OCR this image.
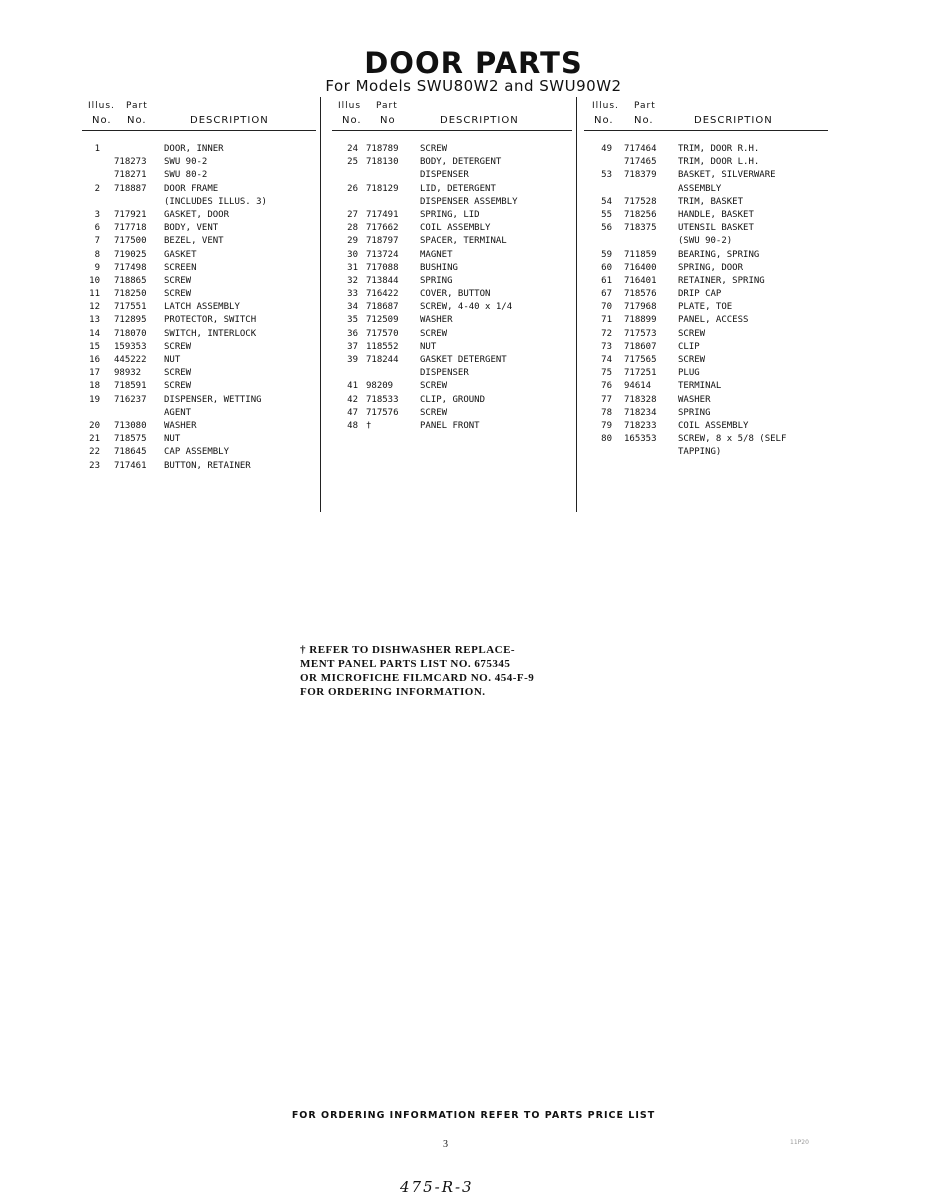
DOOR PARTS
For Models SWU80W2 and SWU90W2
Illus. Part
No. No.	DESCRIPTION
1	DOOR, INNER
718273 SWU 90-2
718271 SWU 80-2
2 718887 DOOR FRAME
(INCLUDES ILLUS. 3)
3 717921 GASKET, DOOR
6 717718 BODY, VENT
7 717500 BEZEL, VENT
8 719025 GASKET
9 717498 SCREEN
10 718865 SCREW
11 718250 SCREW
12 717551 LATCH ASSEMBLY
13 712895 PROTECTOR, SWITCH
14 718070 SWITCH, INTERLOCK
15 159353 SCREW
16 445222 NUT
17 98932	SCREW
18 718591 SCREW
19 716237 DISPENSER, WETTING
AGENT
20 713080 WASHER
21 718575 NUT
22 718645 CAP ASSEMBLY
23 717461 BUTTON, RETAINER
Illus Part
No. No	DESCRIPTION
24 718789 SCREW
25 718130 BODY, DETERGENT
DISPENSER
26 718129 LID, DETERGENT
DISPENSER ASSEMBLY
27 717491 SPRING, LID
28 717662 COIL ASSEMBLY
29 718797 SPACER, TERMINAL
30 713724 MAGNET
31 717088 BUSHING
32 713844 SPRING
33 716422 COVER, BUTTON
34 718687 SCREW, 4-40 x 1/4
35 712509 WASHER
36 717570 SCREW
37 118552 NUT
39 718244 GASKET DETERGENT
DISPENSER
41 98209	SCREW
42 718533 CLIP, GROUND
47 717576 SCREW
48 †	PANEL FRONT
Illus. Part
No. No.	DESCRIPTION
49 717464 TRIM, DOOR R.H.
717465 TRIM, DOOR L.H.
53 718379 BASKET, SILVERWARE
ASSEMBLY
54 717528 TRIM, BASKET
55 718256 HANDLE, BASKET
56 718375 UTENSIL BASKET
(SWU 90-2)
59 711859 BEARING, SPRING
60 716400 SPRING, DOOR
61 716401 RETAINER, SPRING
67 718576 DRIP CAP
70 717968 PLATE, TOE
71 718899 PANEL, ACCESS
72 717573 SCREW
73 718607 CLIP
74 717565 SCREW
75 717251 PLUG
76 94614	TERMINAL
77 718328 WASHER
78 718234 SPRING
79 718233 COIL ASSEMBLY
80 165353 SCREW, 8 x 5/8 (SELF
TAPPING)
† REFER TO DISHWASHER REPLACE-
MENT PANEL PARTS LIST NO. 675345
OR MICROFICHE FILMCARD NO. 454-F-9
FOR ORDERING INFORMATION.
FOR ORDERING INFORMATION REFER TO PARTS PRICE LIST
3	11P20
475-R-3
